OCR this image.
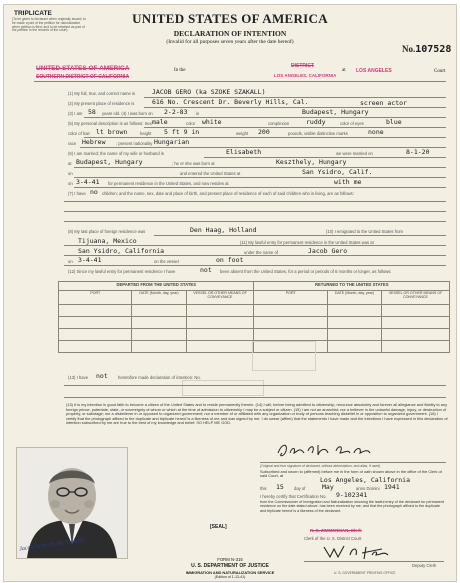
TRIPLICATE
(To be given to declarant when originally issued; to be made a part of the petition for naturalization when petition is filed; and to be retained as part of the petition in the records of the court)
UNITED STATES OF AMERICA
DECLARATION OF INTENTION
(Invalid for all purposes seven years after the date hereof)
No.107528
UNITED STATES OF AMERICA
SOUTHERN DISTRICT OF CALIFORNIA
In the
DISTRICT
LOS ANGELES, CALIFORNIA
at LOS ANGELES	Court
(1) My full, true, and correct name is	JACOB GERO (ka SZOKE SZAKALL)
(2) My present place of residence is	616 No. Crescent Dr. Beverly Hills, Cal.
(3) I am 58 years old. (4) I was born on 2-2-83 in	Budapest, Hungary
screen actor
(5) My personal description is as follows: Sex male	color white	complexion	ruddy	color of eyes	blue
color of hair lt brown	height 5 ft 9 in	weight 200	pounds, visible distinctive marks	none
race Hebrew	; present nationality Hungarian
(6) I am married; the name of my wife or husband is	Elisabeth	we were married on	8-1-20
at Budapest, Hungary	; he or she was born at	Keszthely, Hungary
on	and entered the United States at	San Ysidro, Calif.
on 3-4-41 for permanent residence in the United States, and now resides at	with me
(7) I have no children; and the name, sex, date and place of birth, and present place of residence of each of said children who is living, are as follows:
(8) My last place of foreign residence was	Den Haag, Holland	(10) I emigrated to the United States from
Tijuana, Mexico	(11) My lawful entry for permanent residence in the United States was at
San Ysidro, California	under the name of	Jacob Gero
on 3-4-41	on the vessel	on foot
(12) Since my lawful entry for permanent residence I have	not been absent from the United States, for a period or periods of 6 months or longer, as follows:
DEPARTED FROM THE UNITED STATES			RETURNED TO THE UNITED STATES		
PORT	DATE (Month, day, year)	VESSEL OR OTHER MEANS OF CONVEYANCE	PORT	DATE (Month, day, year)	VESSEL OR OTHER MEANS OF CONVEYANCE

(13) I have not heretofore made declaration of intention: No.
(13) It is my intention in good faith to become a citizen of the United States and to reside permanently therein. (14) I will, before being admitted to citizenship, renounce absolutely and forever all allegiance and fidelity to any foreign prince, potentate, state, or sovereignty of whom or which at the time of admission to citizenship I may be a subject or citizen. (15) I am not an anarchist; nor a believer in the unlawful damage, injury, or destruction of property, or sabotage; nor a disbeliever in or opposed to organized government; nor a member of or affiliated with any organization or body of persons teaching disbelief in or opposition to organized government. (16) I certify that the photograph affixed to the duplicate and triplicate hereof is a likeness of me and was signed by me. I do swear (affirm) that the statements I have made and the intentions I have expressed in this declaration of intention subscribed by me are true to the best of my knowledge and belief: SO HELP ME GOD.
Jacob Gero
(Original and true signature of declarant, without abbreviation, and alias, if used)
Subscribed and sworn to (affirmed) before me in the form of oath shown above in the office of the Clerk of said Court, at
Los Angeles, California
this 15 day of	May	anno Domini 1941
I hereby certify that Certification No. 9-102341
from the Commissioner of Immigration and Naturalization showing the lawful entry of the declarant for permanent residence on the date stated above, has been received by me, and that the photograph affixed to the duplicate and triplicate hereof is a likeness of the declarant.
[SEAL]
R. S. ZIMMERMAN, Clerk
Clerk of the U. S. District Court
W. Farris
Deputy Clerk
Jacob Gero (Szöke Szakall)
FORM N-315
U. S. DEPARTMENT OF JUSTICE
IMMIGRATION AND NATURALIZATION SERVICE
(Edition of 1-13-41)
U. S. GOVERNMENT PRINTING OFFICE
